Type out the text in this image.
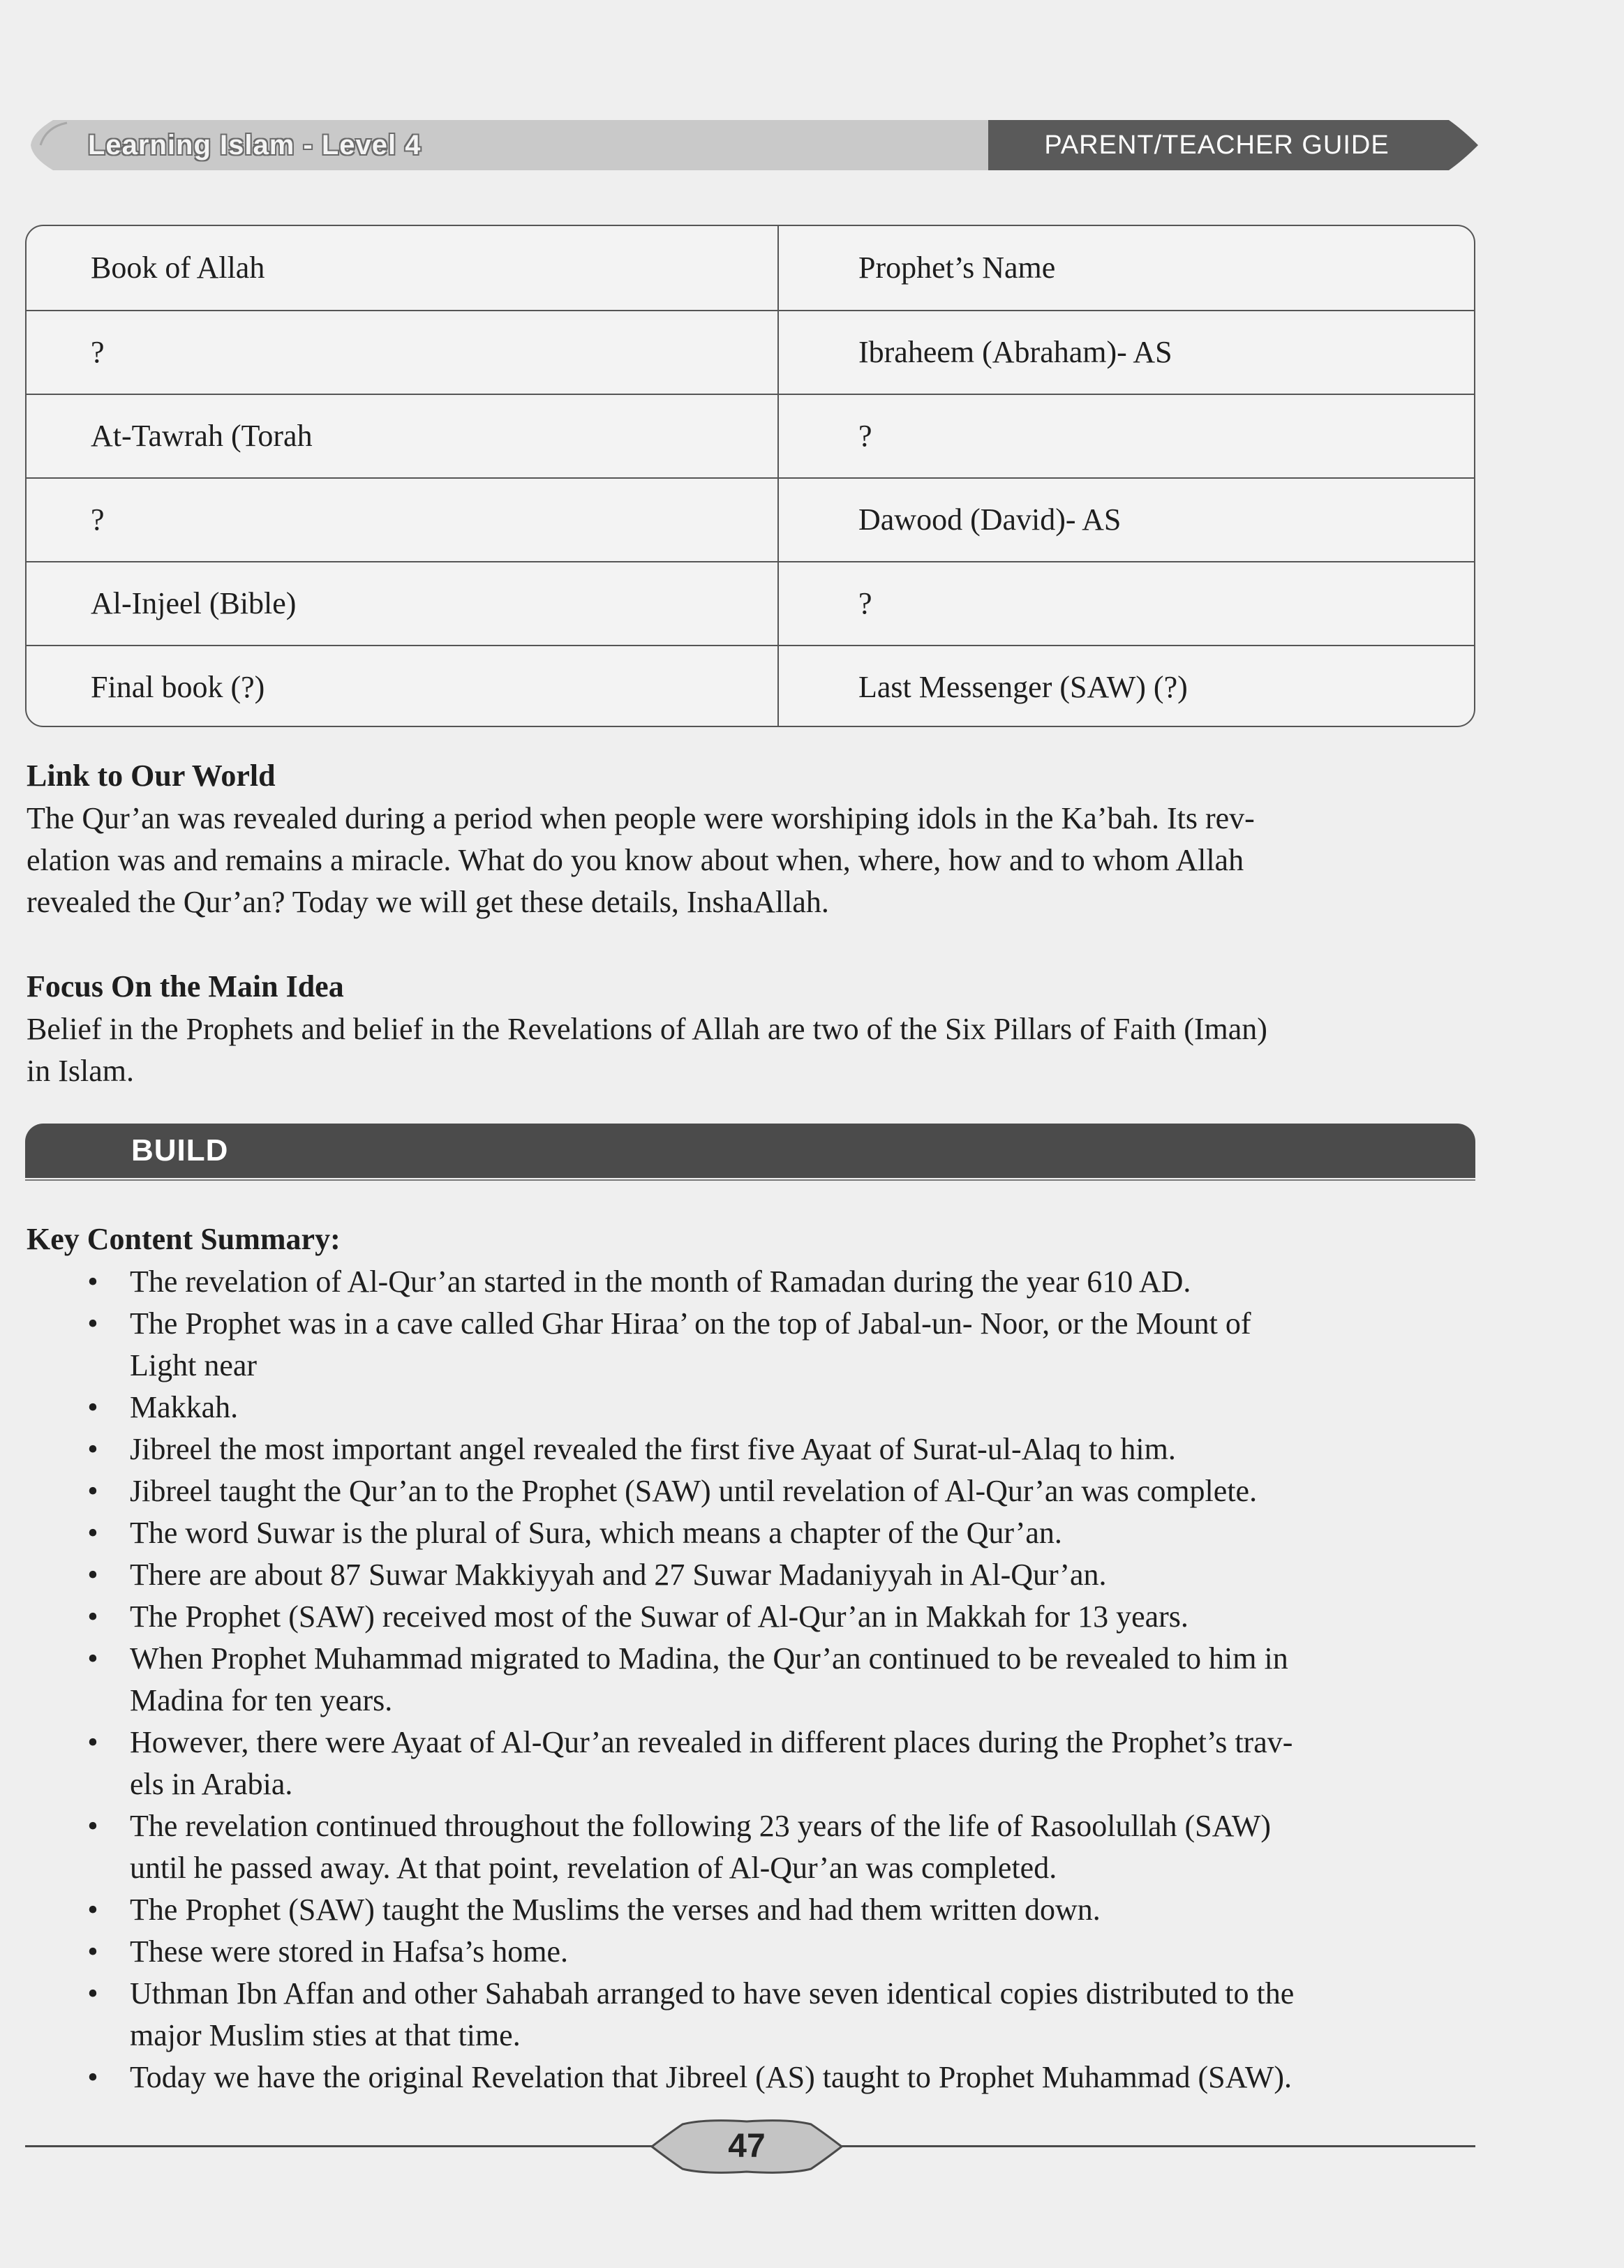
Learning Islam - Level 4	PARENT/TEACHER GUIDE
Book of Allah	Prophet’s Name
?	Ibraheem (Abraham)- AS
At-Tawrah (Torah	?
?	Dawood (David)- AS
Al-Injeel (Bible)	?
Final book (?)	Last Messenger (SAW) (?)
Link to Our World
The Qur’an was revealed during a period when people were worshiping idols in the Ka’bah. Its rev-
elation was and remains a miracle. What do you know about when, where, how and to whom Allah
revealed the Qur’an? Today we will get these details, InshaAllah.
Focus On the Main Idea
Belief in the Prophets and belief in the Revelations of Allah are two of the Six Pillars of Faith (Iman)
in Islam.
BUILD
Key Content Summary:
• The revelation of Al-Qur’an started in the month of Ramadan during the year 610 AD.
• The Prophet was in a cave called Ghar Hiraa’ on the top of Jabal-un- Noor, or the Mount of
Light near
• Makkah.
• Jibreel the most important angel revealed the first five Ayaat of Surat-ul-Alaq to him.
• Jibreel taught the Qur’an to the Prophet (SAW) until revelation of Al-Qur’an was complete.
• The word Suwar is the plural of Sura, which means a chapter of the Qur’an.
• There are about 87 Suwar Makkiyyah and 27 Suwar Madaniyyah in Al-Qur’an.
• The Prophet (SAW) received most of the Suwar of Al-Qur’an in Makkah for 13 years.
• When Prophet Muhammad migrated to Madina, the Qur’an continued to be revealed to him in
Madina for ten years.
• However, there were Ayaat of Al-Qur’an revealed in different places during the Prophet’s trav-
els in Arabia.
• The revelation continued throughout the following 23 years of the life of Rasoolullah (SAW)
until he passed away. At that point, revelation of Al-Qur’an was completed.
• The Prophet (SAW) taught the Muslims the verses and had them written down.
• These were stored in Hafsa’s home.
• Uthman Ibn Affan and other Sahabah arranged to have seven identical copies distributed to the
major Muslim sties at that time.
• Today we have the original Revelation that Jibreel (AS) taught to Prophet Muhammad (SAW).
47
